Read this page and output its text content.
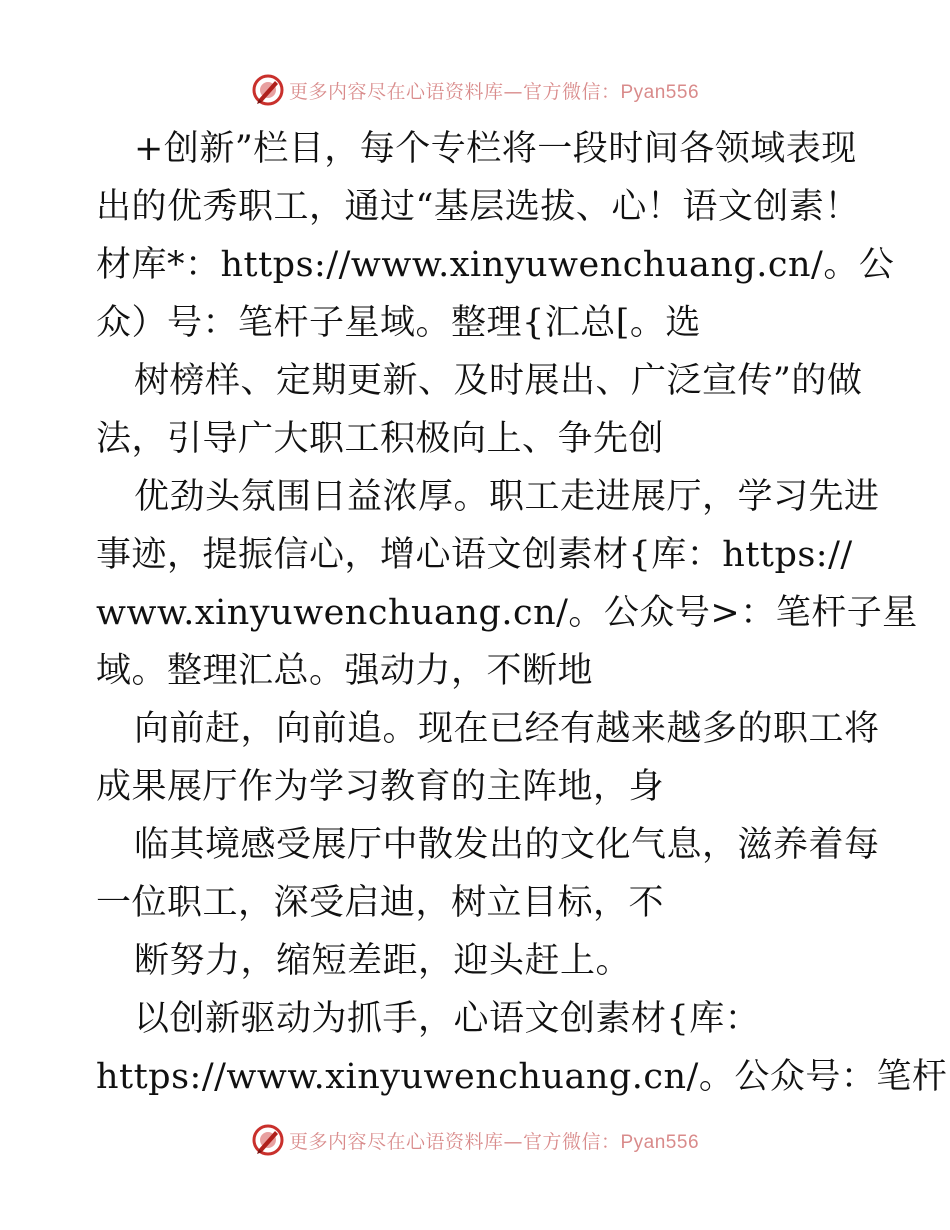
更多内容尽在心语资料库—官方微信：Pyan556
+创新”栏目，每个专栏将一段时间各领域表现
出的优秀职工，通过“基层选拔、心！语文创素！
材库*：https://www.xinyuwenchuang.cn/。公
众）号：笔杆子星域。整理{汇总[。选
树榜样、定期更新、及时展出、广泛宣传”的做
法，引导广大职工积极向上、争先创
优劲头氛围日益浓厚。职工走进展厅，学习先进
事迹，提振信心，增心语文创素材{库：https://
www.xinyuwenchuang.cn/。公众号>：笔杆子星
域。整理汇总。强动力，不断地
向前赶，向前追。现在已经有越来越多的职工将
成果展厅作为学习教育的主阵地，身
临其境感受展厅中散发出的文化气息，滋养着每
一位职工，深受启迪，树立目标，不
断努力，缩短差距，迎头赶上。
以创新驱动为抓手，心语文创素材{库：
https://www.xinyuwenchuang.cn/。公众号：笔杆
更多内容尽在心语资料库—官方微信：Pyan556
